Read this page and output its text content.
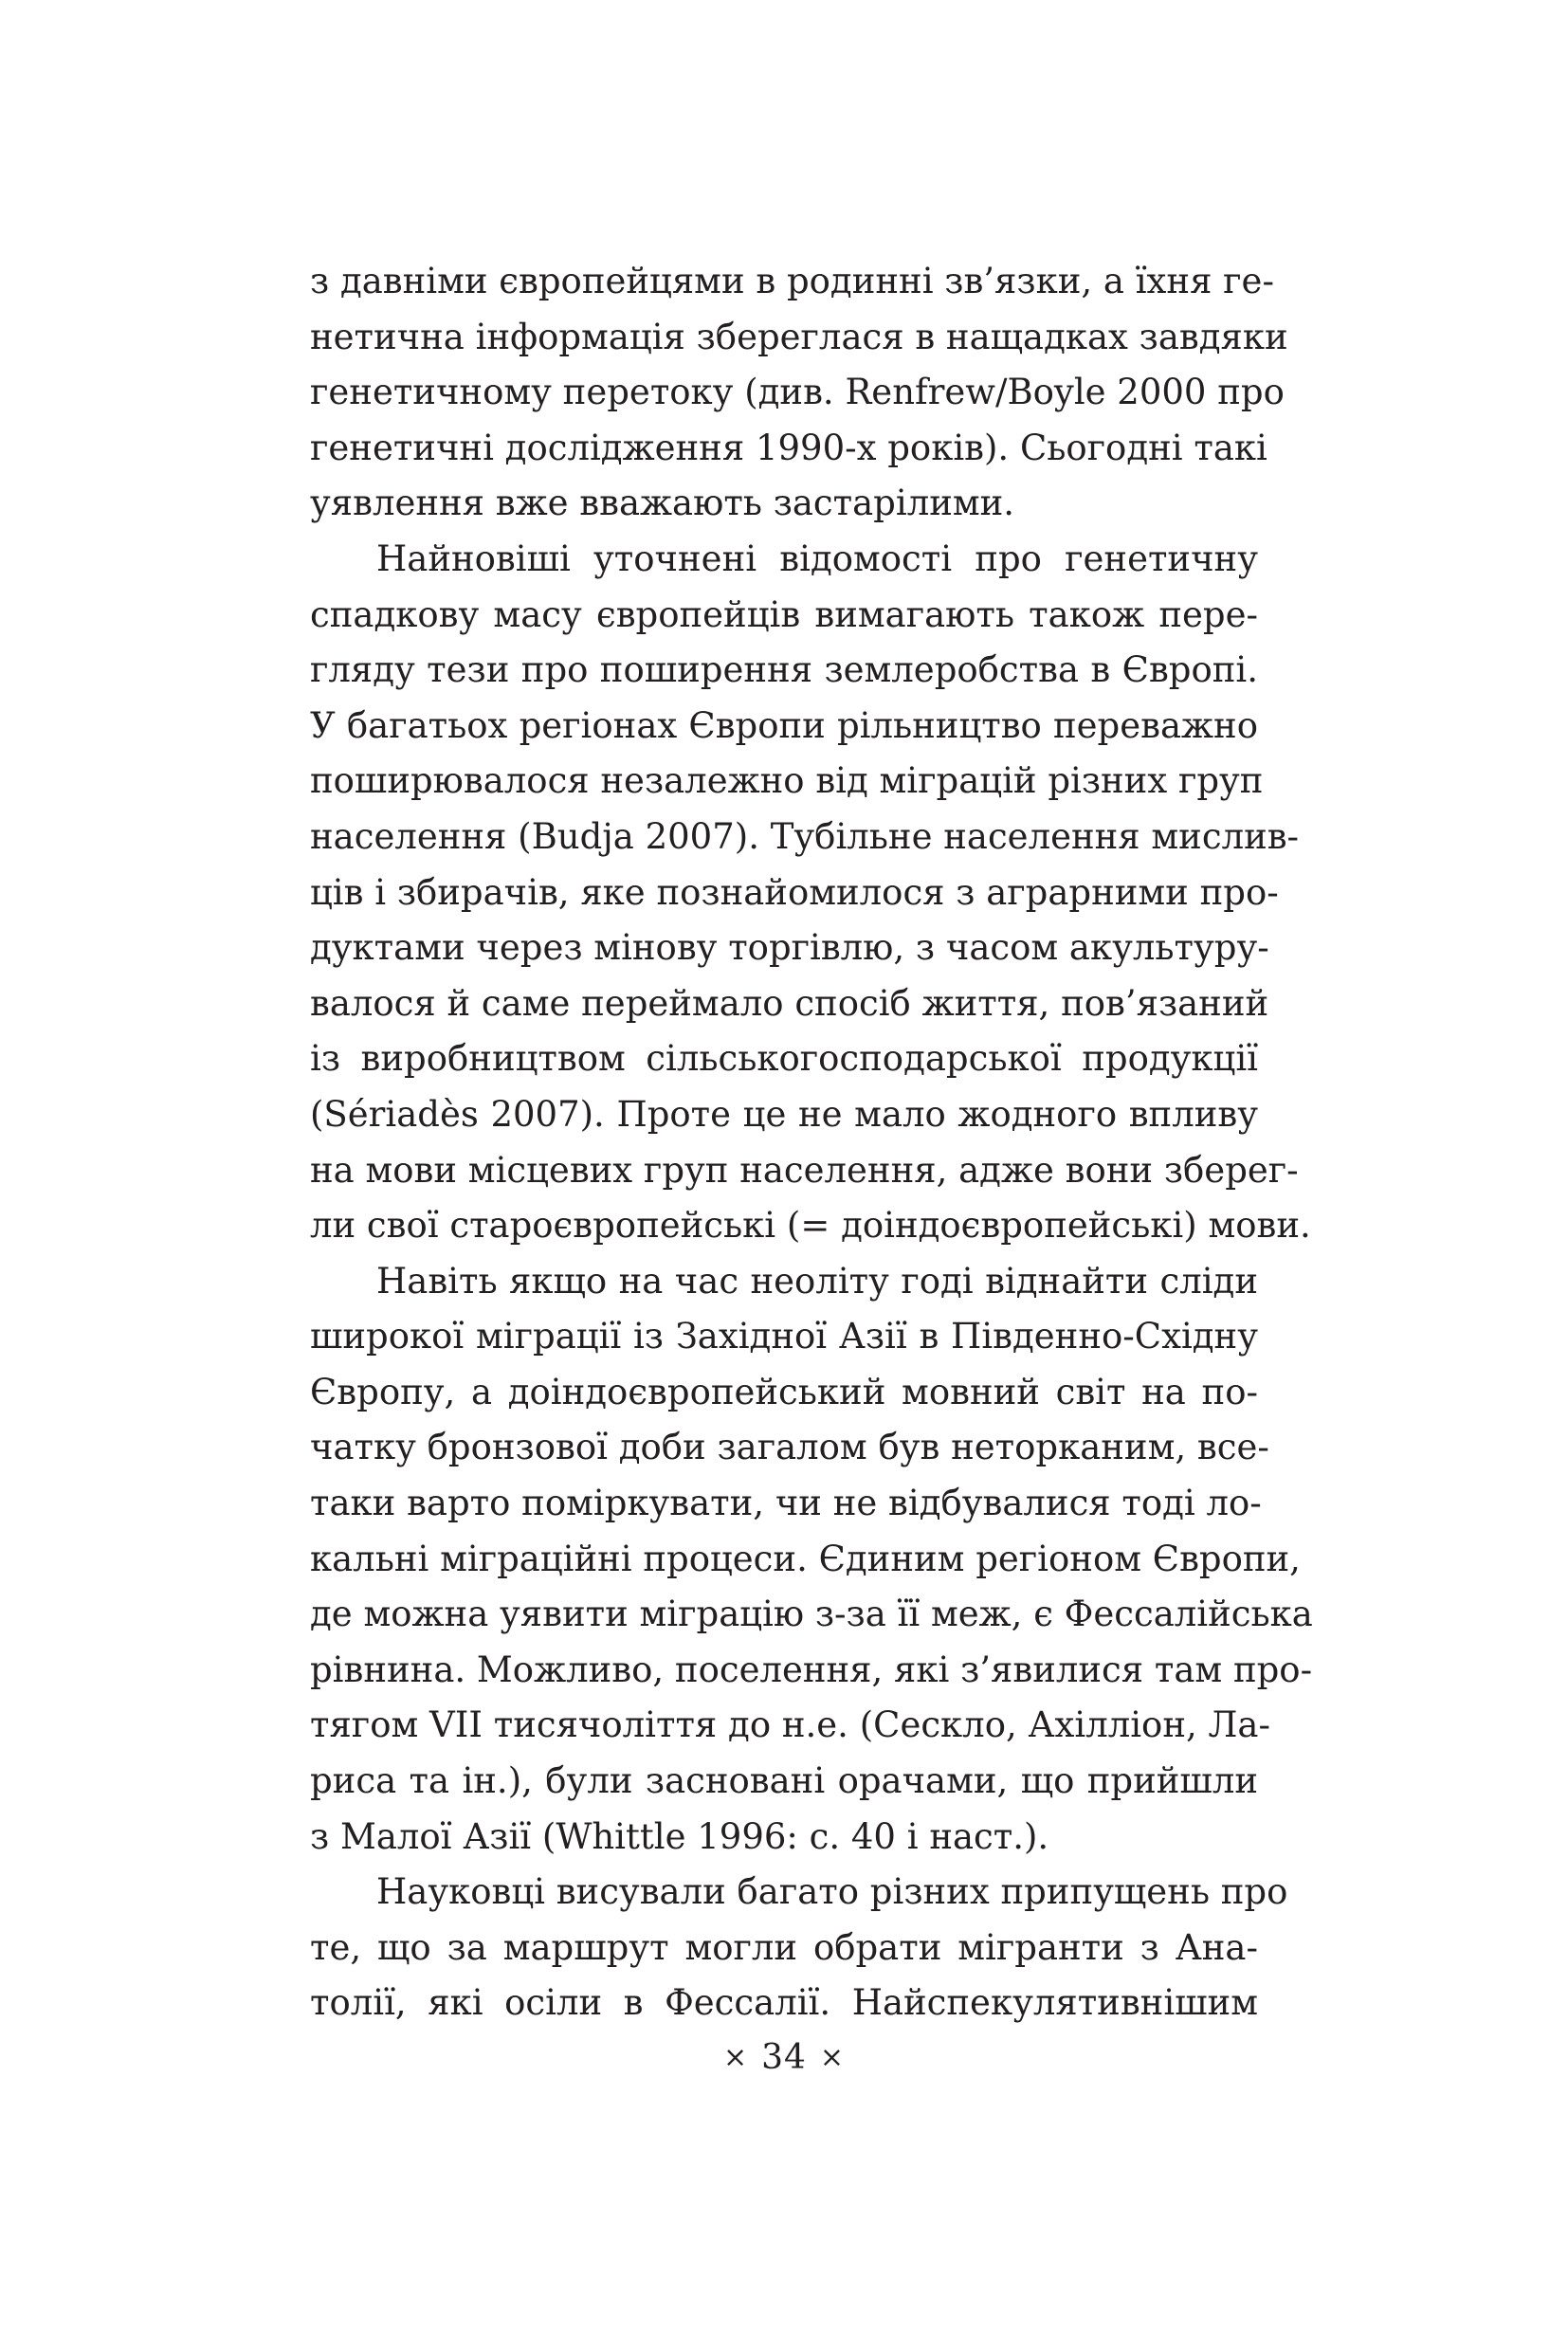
з давніми європейцями в родинні зв’язки, а їхня ге-
нетична інформація збереглася в нащадках завдяки
генетичному перетоку (див. Renfrew/Boyle 2000 про
генетичні дослідження 1990-х років). Сьогодні такі
уявлення вже вважають застарілими.
Найновіші уточнені відомості про генетичну
спадкову масу європейців вимагають також пере-
гляду тези про поширення землеробства в Європі.
У багатьох регіонах Європи рільництво переважно
поширювалося незалежно від міграцій різних груп
населення (Budja 2007). Тубільне населення мислив-
ців і збирачів, яке познайомилося з аграрними про-
дуктами через мінову торгівлю, з часом акультуру-
валося й саме переймало спосіб життя, пов’язаний
із виробництвом сільськогосподарської продукції
(Sériadès 2007). Проте це не мало жодного впливу
на мови місцевих груп населення, адже вони зберег-
ли свої староєвропейські (= доіндоєвропейські) мови.
Навіть якщо на час неоліту годі віднайти сліди
широкої міграції із Західної Азії в Південно-Східну
Європу, а доіндоєвропейський мовний світ на по-
чатку бронзової доби загалом був неторканим, все-
таки варто поміркувати, чи не відбувалися тоді ло-
кальні міграційні процеси. Єдиним регіоном Європи,
де можна уявити міграцію з-за її меж, є Фессалійська
рівнина. Можливо, поселення, які з’явилися там про-
тягом VII тисячоліття до н.е. (Сескло, Ахілліон, Ла-
риса та ін.), були засновані орачами, що прийшли
з Малої Азії (Whittle 1996: с. 40 і наст.).
Науковці висували багато різних припущень про
те, що за маршрут могли обрати мігранти з Ана-
толії, які осіли в Фессалії. Найспекулятивнішим
× 34 ×
